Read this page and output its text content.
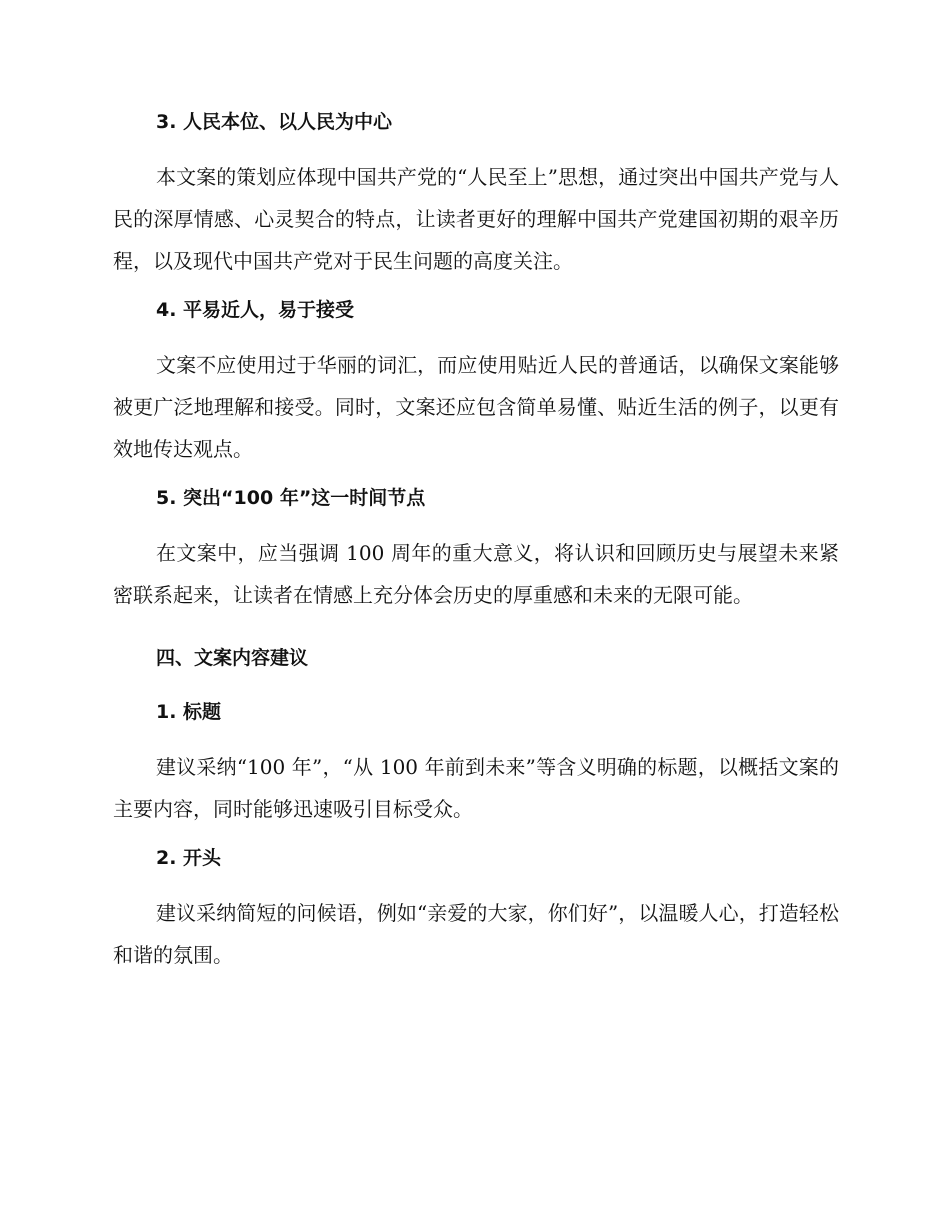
3. 人民本位、以人民为中心

本文案的策划应体现中国共产党的“人民至上”思想，通过突出中国共产党与人民的深厚情感、心灵契合的特点，让读者更好的理解中国共产党建国初期的艰辛历程，以及现代中国共产党对于民生问题的高度关注。

4. 平易近人，易于接受

文案不应使用过于华丽的词汇，而应使用贴近人民的普通话，以确保文案能够被更广泛地理解和接受。同时，文案还应包含简单易懂、贴近生活的例子，以更有效地传达观点。

5. 突出“100 年”这一时间节点

在文案中，应当强调 100 周年的重大意义，将认识和回顾历史与展望未来紧密联系起来，让读者在情感上充分体会历史的厚重感和未来的无限可能。

四、文案内容建议
1. 标题

建议采纳“100 年”，“从 100 年前到未来”等含义明确的标题，以概括文案的主要内容，同时能够迅速吸引目标受众。

2. 开头

建议采纳简短的问候语，例如“亲爱的大家，你们好”，以温暖人心，打造轻松和谐的氛围。
